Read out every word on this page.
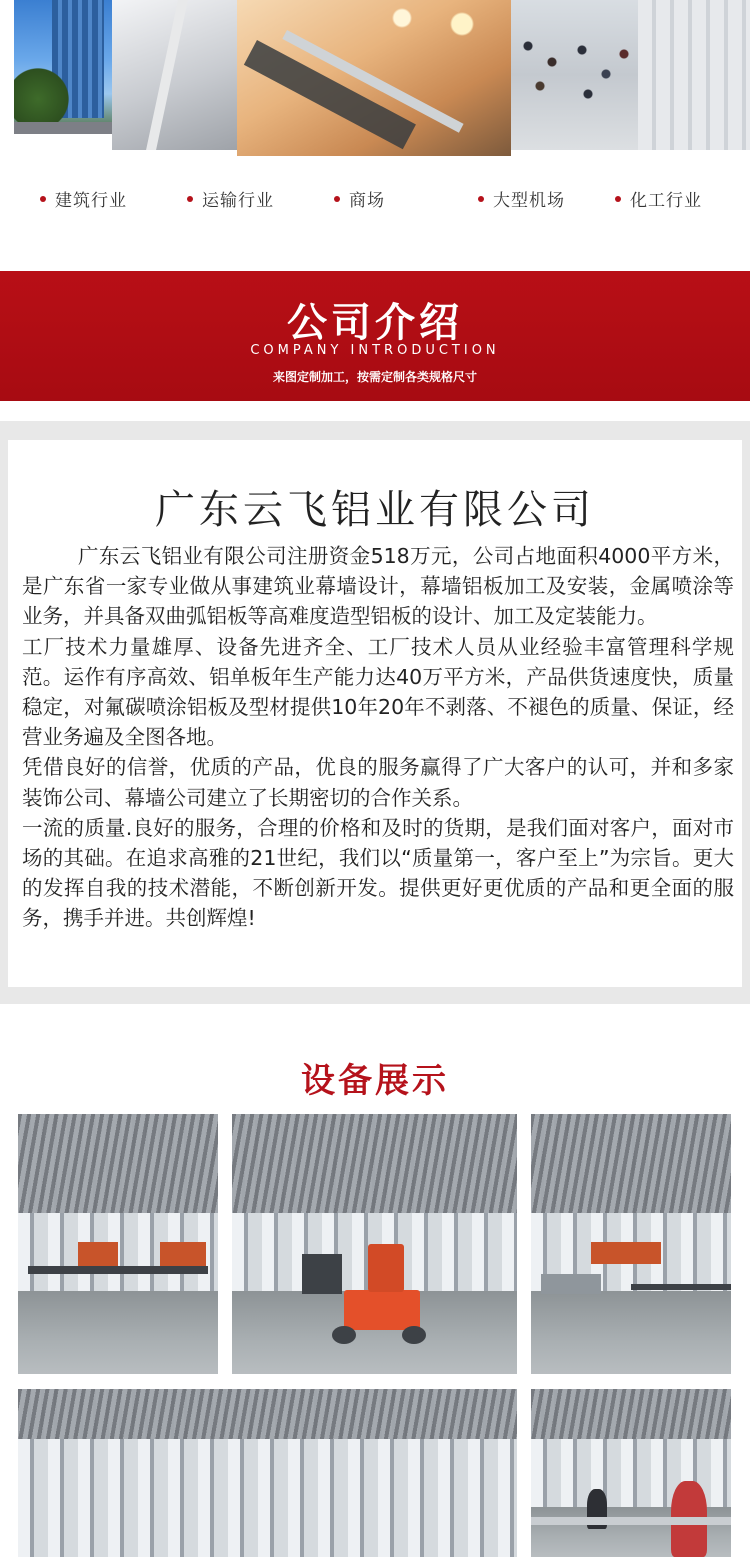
建筑行业	运输行业	商场	大型机场	化工行业
公司介绍
COMPANY INTRODUCTION
来图定制加工，按需定制各类规格尺寸
广东云飞铝业有限公司

广东云飞铝业有限公司注册资金518万元，公司占地面积4000平方米，是广东省一家专业做从事建筑业幕墙设计，幕墙铝板加工及安装，金属喷涂等业务，并具备双曲弧铝板等高难度造型铝板的设计、加工及定装能力。

工厂技术力量雄厚、设备先进齐全、工厂技术人员从业经验丰富管理科学规范。运作有序高效、铝单板年生产能力达40万平方米，产品供货速度快，质量稳定，对氟碳喷涂铝板及型材提供10年20年不剥落、不褪色的质量、保证，经营业务遍及全图各地。

凭借良好的信誉，优质的产品，优良的服务赢得了广大客户的认可，并和多家装饰公司、幕墙公司建立了长期密切的合作关系。

一流的质量.良好的服务，合理的价格和及时的货期，是我们面对客户，面对市场的其础。在追求高雅的21世纪，我们以“质量第一，客户至上”为宗旨。更大的发挥自我的技术潜能，不断创新开发。提供更好更优质的产品和更全面的服务，携手并进。共创辉煌!

设备展示
